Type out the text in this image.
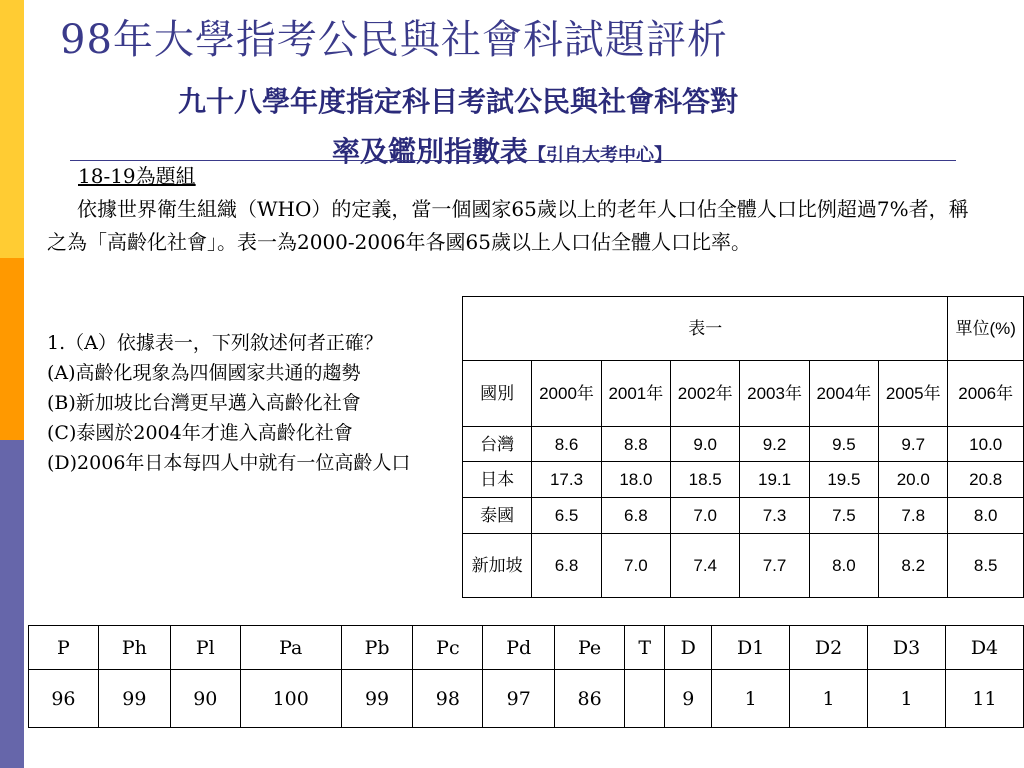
98年大學指考公民與社會科試題評析
九十八學年度指定科目考試公民與社會科答對
率及鑑別指數表【引自大考中心】
18-19為題組
依據世界衛生組織（WHO）的定義，當一個國家65歲以上的老年人口佔全體人口比例超過7%者，稱之為「高齡化社會」。表一為2000-2006年各國65歲以上人口佔全體人口比率。
1.（A）依據表一，下列敘述何者正確？
(A)高齡化現象為四個國家共通的趨勢
(B)新加坡比台灣更早邁入高齡化社會
(C)泰國於2004年才進入高齡化社會
(D)2006年日本每四人中就有一位高齡人口
表一							單位(%)
國別	2000年	2001年	2002年	2003年	2004年	2005年	2006年
台灣	8.6	8.8	9.0	9.2	9.5	9.7	10.0
日本	17.3	18.0	18.5	19.1	19.5	20.0	20.8
泰國	6.5	6.8	7.0	7.3	7.5	7.8	8.0
新加坡	6.8	7.0	7.4	7.7	8.0	8.2	8.5
P	Ph	Pl	Pa	Pb	Pc	Pd	Pe	T	D	D1	D2	D3	D4
96	99	90	100	99	98	97	86		9	1	1	1	11
